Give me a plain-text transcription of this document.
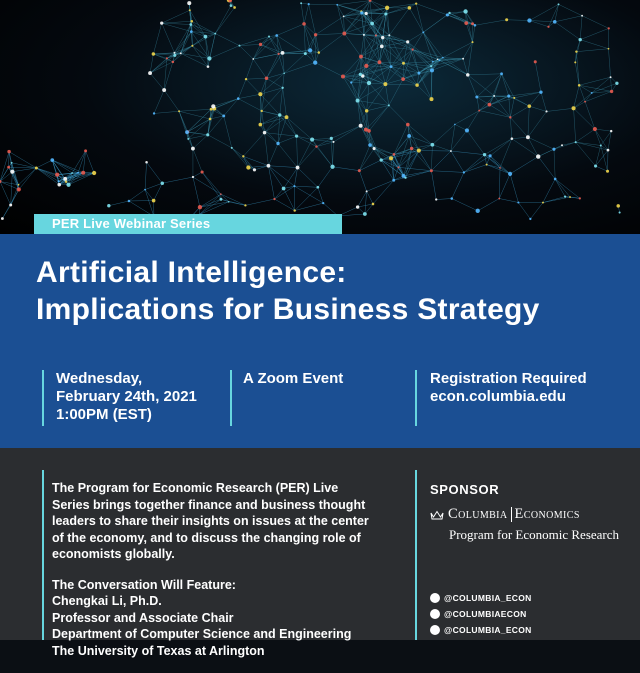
PER Live Webinar Series
Artificial Intelligence:
Implications for Business Strategy
Wednesday,
February 24th, 2021
1:00PM (EST)
A Zoom Event	Registration Required
econ.columbia.edu

The Program for Economic Research (PER) Live
Series brings together finance and business thought
leaders to share their insights on issues at the center
of the economy, and to discuss the changing role of
economists globally.

The Conversation Will Feature:
Chengkai Li, Ph.D.
Professor and Associate Chair
Department of Computer Science and Engineering
The University of Texas at Arlington

SPONSOR
Columbia Economics
Program for Economic Research
@COLUMBIA_ECON
@COLUMBIAECON
@COLUMBIA_ECON
